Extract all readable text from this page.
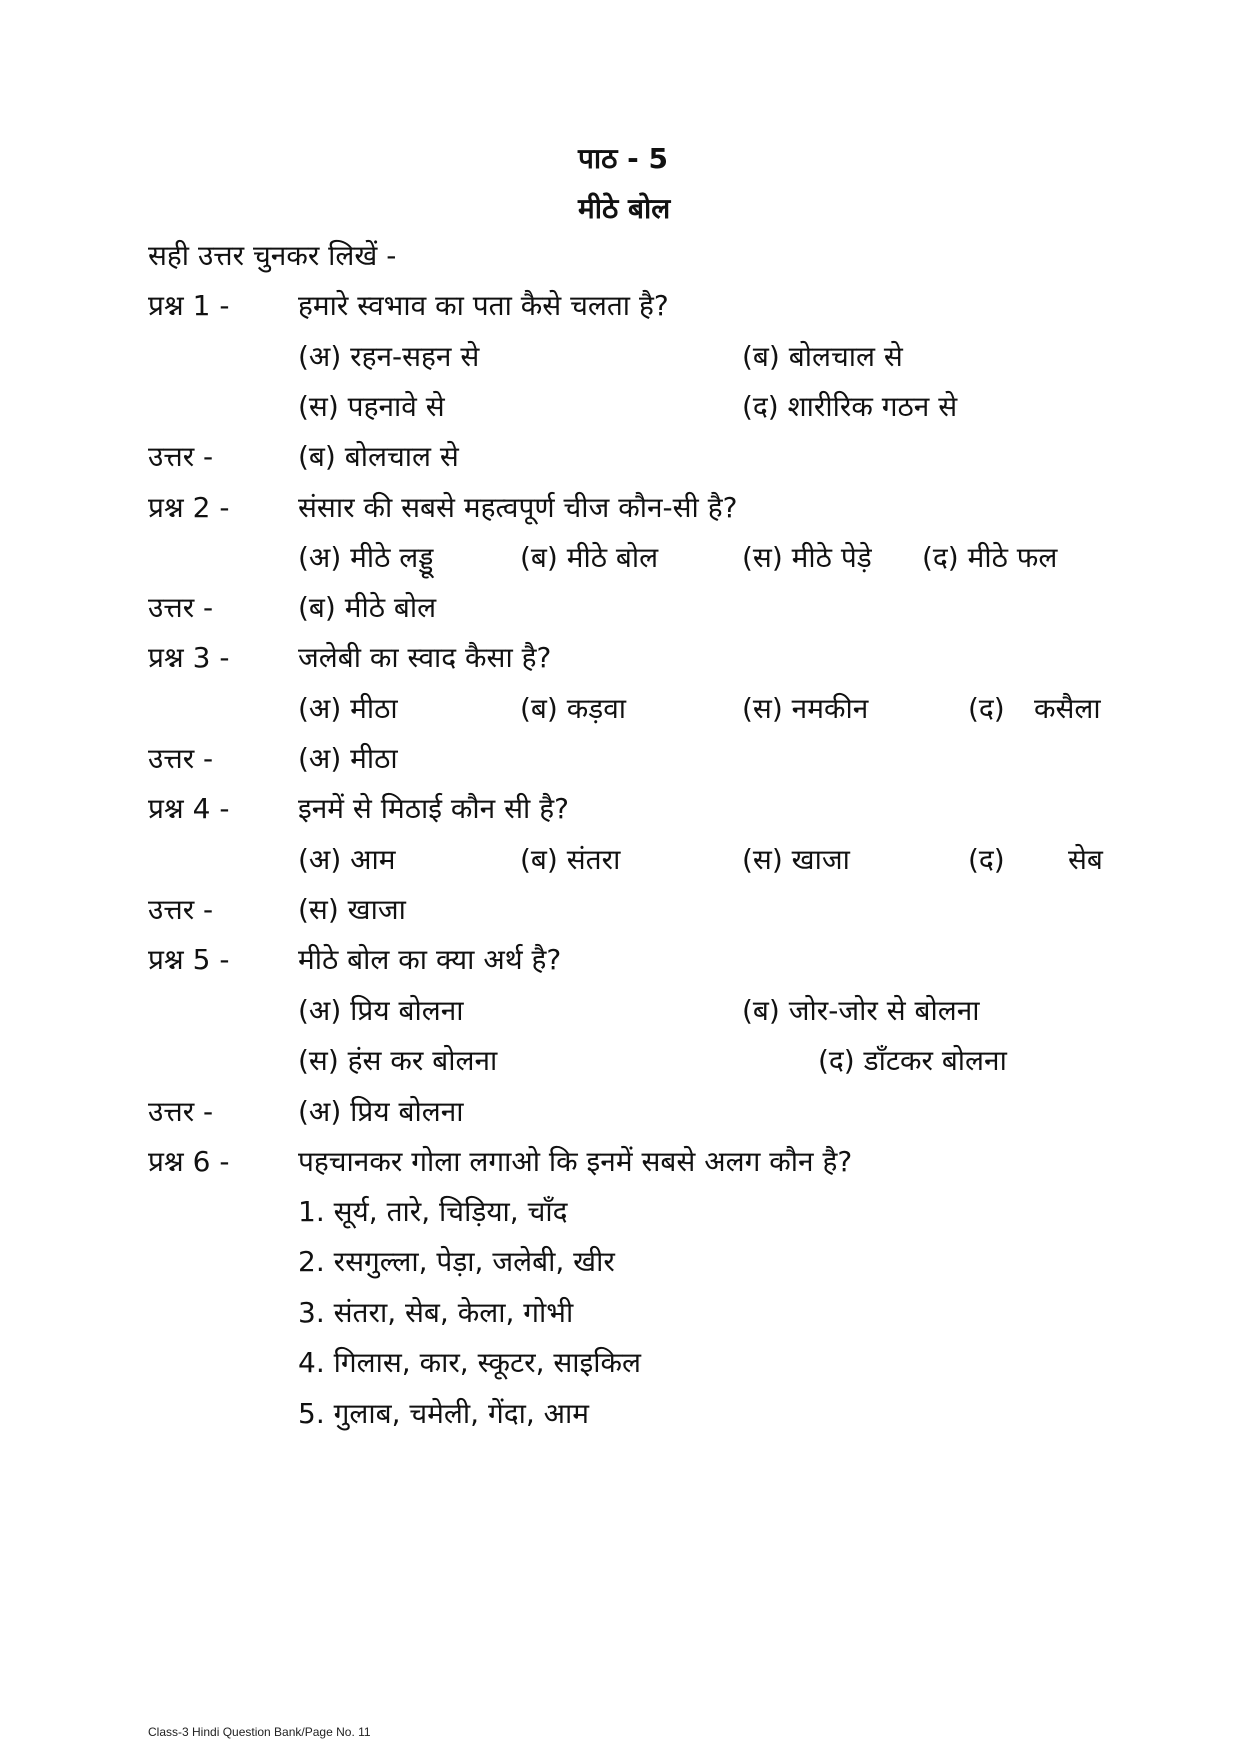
पाठ - 5
मीठे बोल
सही उत्तर चुनकर लिखें -
प्रश्न 1 - हमारे स्वभाव का पता कैसे चलता है?
(अ) रहन-सहन से	(ब) बोलचाल से
(स) पहनावे से	(द) शारीरिक गठन से
उत्तर -	(ब) बोलचाल से
प्रश्न 2 - संसार की सबसे महत्वपूर्ण चीज कौन-सी है?
(अ) मीठे लड्डू	(ब) मीठे बोल	(स) मीठे पेड़े (द) मीठे फल
उत्तर -	(ब) मीठे बोल
प्रश्न 3 - जलेबी का स्वाद कैसा है?
(अ) मीठा	(ब) कड़वा	(स) नमकीन	(द) कसैला
उत्तर -	(अ) मीठा
प्रश्न 4 - इनमें से मिठाई कौन सी है?
(अ) आम	(ब) संतरा	(स) खाजा	(द) सेब
उत्तर -	(स) खाजा
प्रश्न 5 - मीठे बोल का क्या अर्थ है?
(अ) प्रिय बोलना	(ब) जोर-जोर से बोलना
(स) हंस कर बोलना	(द) डाँटकर बोलना
उत्तर -	(अ) प्रिय बोलना
प्रश्न 6 - पहचानकर गोला लगाओ कि इनमें सबसे अलग कौन है?
1. सूर्य, तारे, चिड़िया, चाँद
2. रसगुल्ला, पेड़ा, जलेबी, खीर
3. संतरा, सेब, केला, गोभी
4. गिलास, कार, स्कूटर, साइकिल
5. गुलाब, चमेली, गेंदा, आम
Class-3 Hindi Question Bank/Page No. 11
